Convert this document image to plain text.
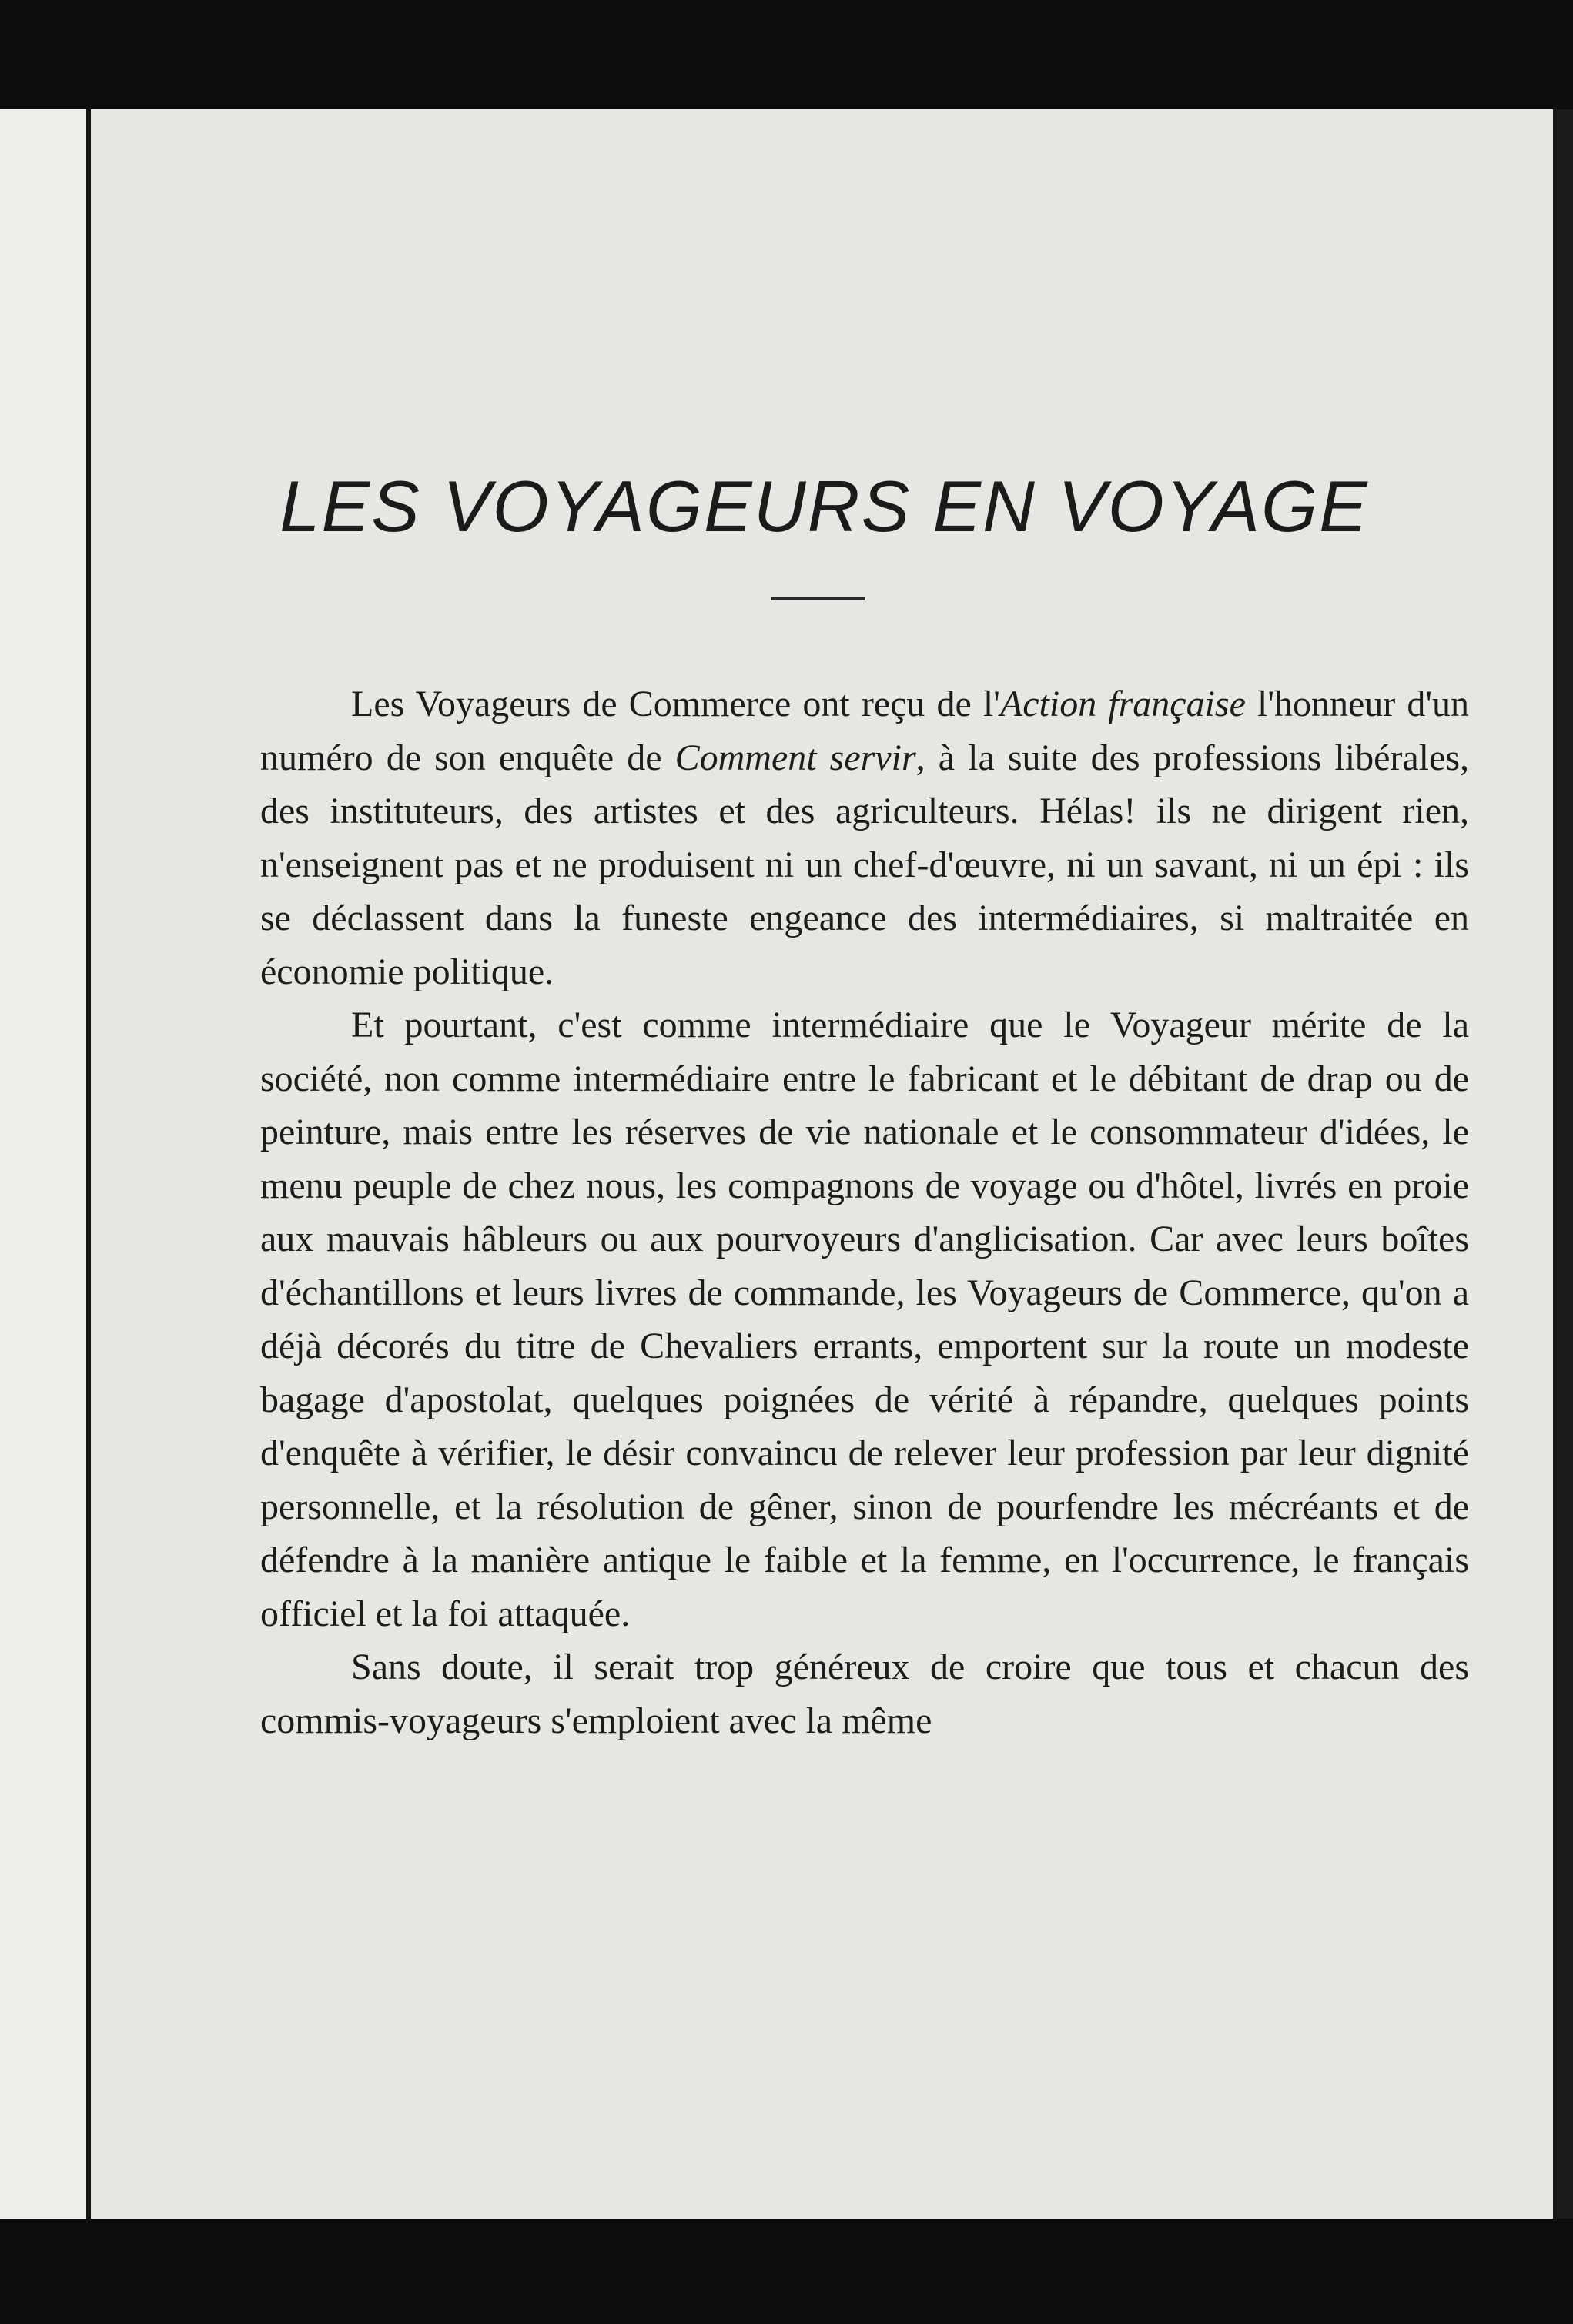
LES VOYAGEURS EN VOYAGE

Les Voyageurs de Commerce ont reçu de l'Action française l'honneur d'un numéro de son enquête de Comment servir, à la suite des professions libérales, des instituteurs, des artistes et des agriculteurs. Hélas! ils ne dirigent rien, n'enseignent pas et ne produisent ni un chef-d'œuvre, ni un savant, ni un épi : ils se déclassent dans la funeste engeance des intermédiaires, si maltraitée en économie politique.

Et pourtant, c'est comme intermédiaire que le Voyageur mérite de la société, non comme intermédiaire entre le fabricant et le débitant de drap ou de peinture, mais entre les réserves de vie nationale et le consommateur d'idées, le menu peuple de chez nous, les compagnons de voyage ou d'hôtel, livrés en proie aux mauvais hâbleurs ou aux pourvoyeurs d'anglicisation. Car avec leurs boîtes d'échantillons et leurs livres de commande, les Voyageurs de Commerce, qu'on a déjà décorés du titre de Chevaliers errants, emportent sur la route un modeste bagage d'apostolat, quelques poignées de vérité à répandre, quelques points d'enquête à vérifier, le désir convaincu de relever leur profession par leur dignité personnelle, et la résolution de gêner, sinon de pourfendre les mécréants et de défendre à la manière antique le faible et la femme, en l'occurrence, le français officiel et la foi attaquée.

Sans doute, il serait trop généreux de croire que tous et chacun des commis-voyageurs s'emploient avec la même
